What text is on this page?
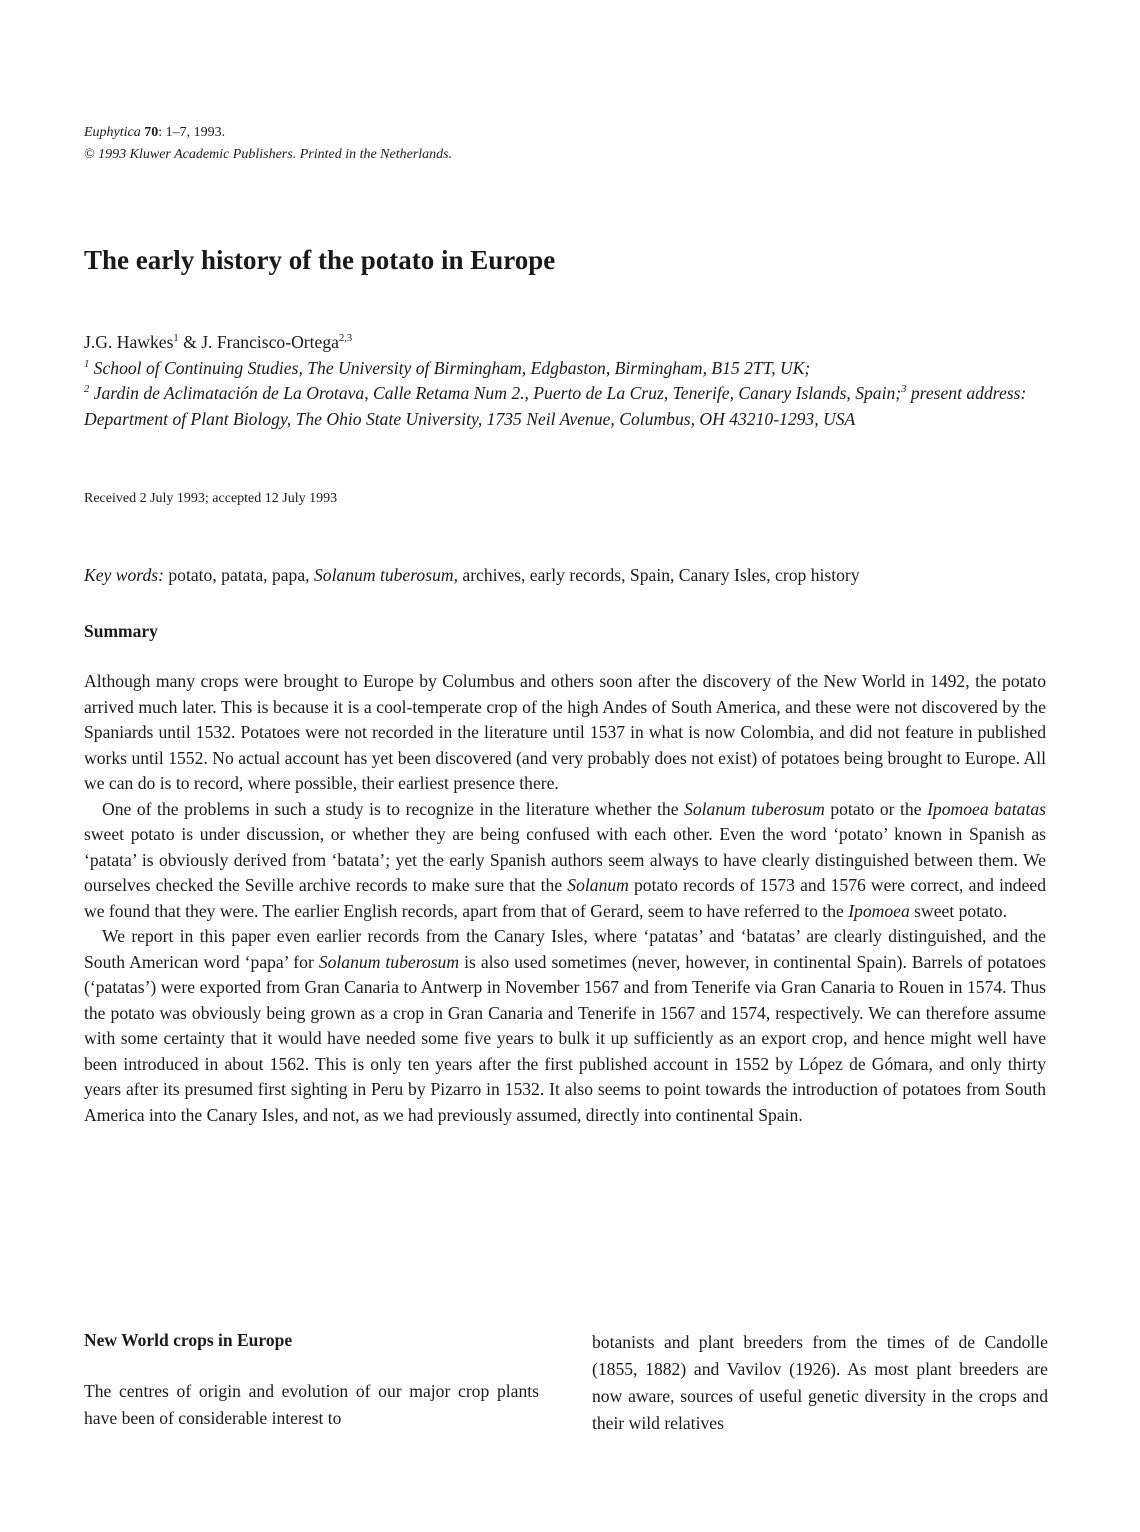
Euphytica 70: 1–7, 1993.
© 1993 Kluwer Academic Publishers. Printed in the Netherlands.
The early history of the potato in Europe
J.G. Hawkes$^1$ & J. Francisco-Ortega$^{2,3}$
$^1$ School of Continuing Studies, The University of Birmingham, Edgbaston, Birmingham, B15 2TT, UK;
$^2$ Jardin de Aclimatación de La Orotava, Calle Retama Num 2., Puerto de La Cruz, Tenerife, Canary Islands, Spain;$^3$ present address: Department of Plant Biology, The Ohio State University, 1735 Neil Avenue, Columbus, OH 43210-1293, USA
Received 2 July 1993; accepted 12 July 1993
Key words: potato, patata, papa, Solanum tuberosum, archives, early records, Spain, Canary Isles, crop history
Summary

Although many crops were brought to Europe by Columbus and others soon after the discovery of the New World in 1492, the potato arrived much later. This is because it is a cool-temperate crop of the high Andes of South America, and these were not discovered by the Spaniards until 1532. Potatoes were not recorded in the literature until 1537 in what is now Colombia, and did not feature in published works until 1552. No actual account has yet been discovered (and very probably does not exist) of potatoes being brought to Europe. All we can do is to record, where possible, their earliest presence there.

One of the problems in such a study is to recognize in the literature whether the Solanum tuberosum potato or the Ipomoea batatas sweet potato is under discussion, or whether they are being confused with each other. Even the word ‘potato’ known in Spanish as ‘patata’ is obviously derived from ‘batata’; yet the early Spanish authors seem always to have clearly distinguished between them. We ourselves checked the Seville archive records to make sure that the Solanum potato records of 1573 and 1576 were correct, and indeed we found that they were. The earlier English records, apart from that of Gerard, seem to have referred to the Ipomoea sweet potato.

We report in this paper even earlier records from the Canary Isles, where ‘patatas’ and ‘batatas’ are clearly distinguished, and the South American word ‘papa’ for Solanum tuberosum is also used sometimes (never, however, in continental Spain). Barrels of potatoes (‘patatas’) were exported from Gran Canaria to Antwerp in November 1567 and from Tenerife via Gran Canaria to Rouen in 1574. Thus the potato was obviously being grown as a crop in Gran Canaria and Tenerife in 1567 and 1574, respectively. We can therefore assume with some certainty that it would have needed some five years to bulk it up sufficiently as an export crop, and hence might well have been introduced in about 1562. This is only ten years after the first published account in 1552 by López de Gómara, and only thirty years after its presumed first sighting in Peru by Pizarro in 1532. It also seems to point towards the introduction of potatoes from South America into the Canary Isles, and not, as we had previously assumed, directly into continental Spain.

New World crops in Europe

The centres of origin and evolution of our major crop plants have been of considerable interest to

botanists and plant breeders from the times of de Candolle (1855, 1882) and Vavilov (1926). As most plant breeders are now aware, sources of useful genetic diversity in the crops and their wild relatives
